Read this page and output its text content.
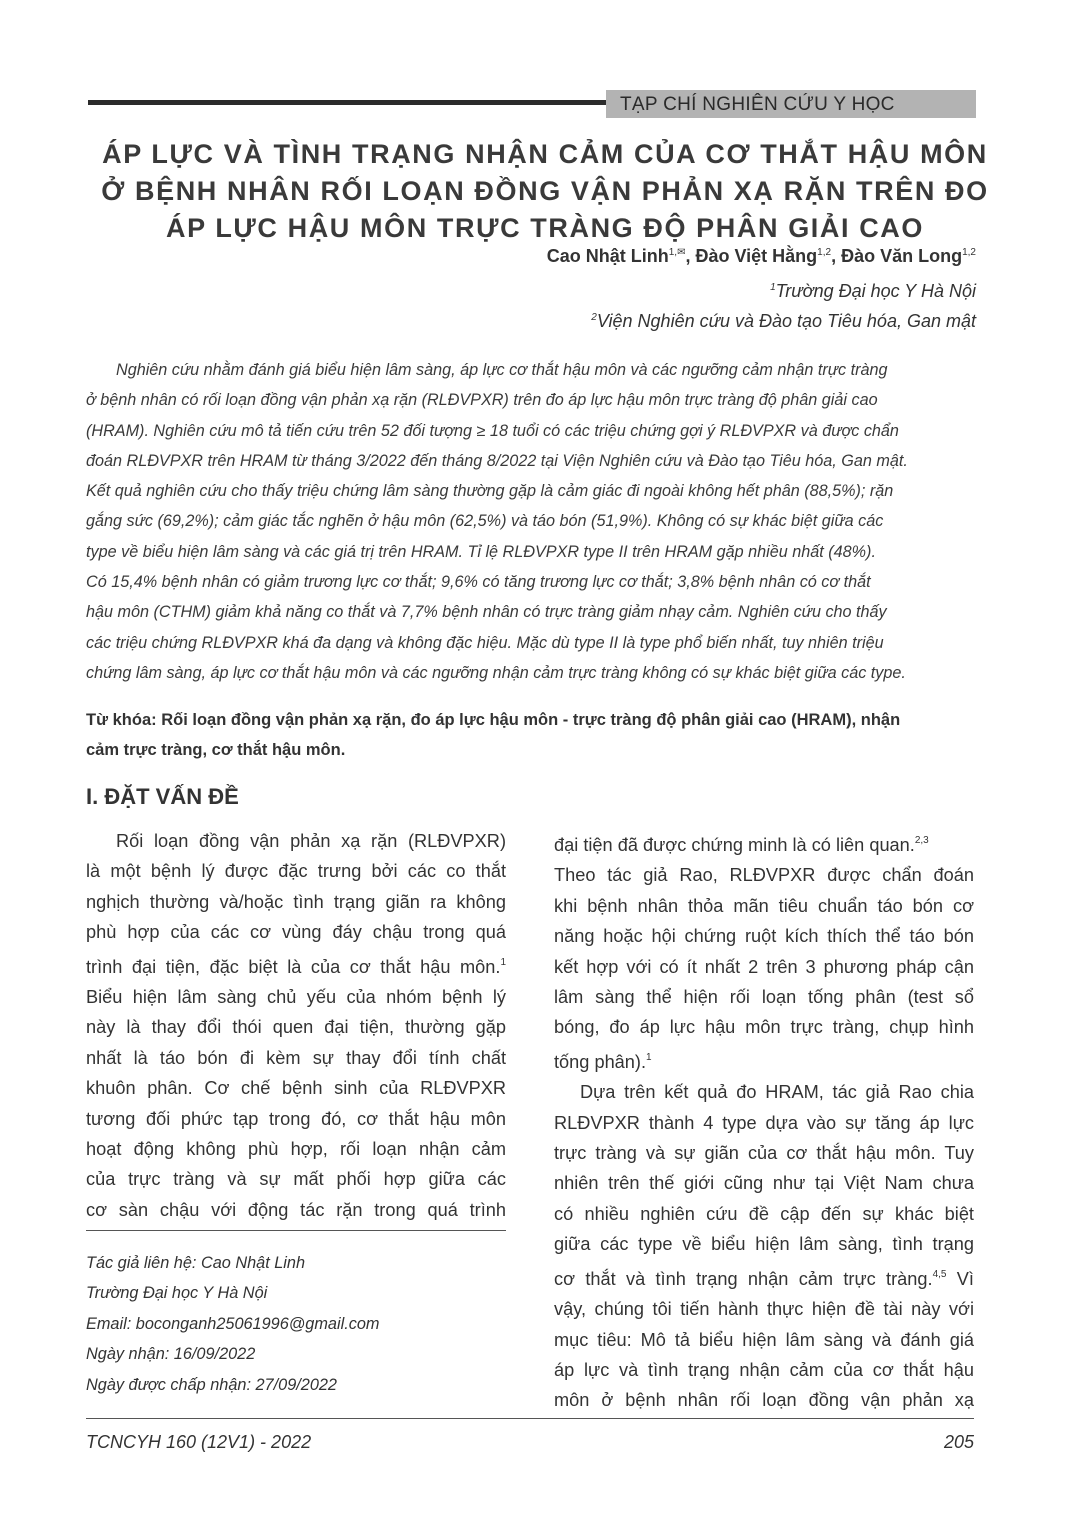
TẠP CHÍ NGHIÊN CỨU Y HỌC
ÁP LỰC VÀ TÌNH TRẠNG NHẬN CẢM CỦA CƠ THẮT HẬU MÔN
Ở BỆNH NHÂN RỐI LOẠN ĐỒNG VẬN PHẢN XẠ RẶN TRÊN ĐO
ÁP LỰC HẬU MÔN TRỰC TRÀNG ĐỘ PHÂN GIẢI CAO
Cao Nhật Linh$^{1,✉}$, Đào Việt Hằng$^{1,2}$, Đào Văn Long$^{1,2}$
$^1$Trường Đại học Y Hà Nội
$^2$Viện Nghiên cứu và Đào tạo Tiêu hóa, Gan mật
Nghiên cứu nhằm đánh giá biểu hiện lâm sàng, áp lực cơ thắt hậu môn và các ngưỡng cảm nhận trực tràng
ở bệnh nhân có rối loạn đồng vận phản xạ rặn (RLĐVPXR) trên đo áp lực hậu môn trực tràng độ phân giải cao
(HRAM). Nghiên cứu mô tả tiến cứu trên 52 đối tượng ≥ 18 tuổi có các triệu chứng gợi ý RLĐVPXR và được chẩn
đoán RLĐVPXR trên HRAM từ tháng 3/2022 đến tháng 8/2022 tại Viện Nghiên cứu và Đào tạo Tiêu hóa, Gan mật.
Kết quả nghiên cứu cho thấy triệu chứng lâm sàng thường gặp là cảm giác đi ngoài không hết phân (88,5%); rặn
gắng sức (69,2%); cảm giác tắc nghẽn ở hậu môn (62,5%) và táo bón (51,9%). Không có sự khác biệt giữa các
type về biểu hiện lâm sàng và các giá trị trên HRAM. Tỉ lệ RLĐVPXR type II trên HRAM gặp nhiều nhất (48%).
Có 15,4% bệnh nhân có giảm trương lực cơ thắt; 9,6% có tăng trương lực cơ thắt; 3,8% bệnh nhân có cơ thắt
hậu môn (CTHM) giảm khả năng co thắt và 7,7% bệnh nhân có trực tràng giảm nhạy cảm. Nghiên cứu cho thấy
các triệu chứng RLĐVPXR khá đa dạng và không đặc hiệu. Mặc dù type II là type phổ biến nhất, tuy nhiên triệu
chứng lâm sàng, áp lực cơ thắt hậu môn và các ngưỡng nhận cảm trực tràng không có sự khác biệt giữa các type.
Từ khóa: Rối loạn đồng vận phản xạ rặn, đo áp lực hậu môn - trực tràng độ phân giải cao (HRAM), nhận
cảm trực tràng, cơ thắt hậu môn.
I. ĐẶT VẤN ĐỀ
Rối loạn đồng vận phản xạ rặn (RLĐVPXR)
là một bệnh lý được đặc trưng bởi các co thắt
nghịch thường và/hoặc tình trạng giãn ra không
phù hợp của các cơ vùng đáy chậu trong quá
trình đại tiện, đặc biệt là của cơ thắt hậu môn.$^1$
Biểu hiện lâm sàng chủ yếu của nhóm bệnh lý
này là thay đổi thói quen đại tiện, thường gặp
nhất là táo bón đi kèm sự thay đổi tính chất
khuôn phân. Cơ chế bệnh sinh của RLĐVPXR
tương đối phức tạp trong đó, cơ thắt hậu môn
hoạt động không phù hợp, rối loạn nhận cảm
của trực tràng và sự mất phối hợp giữa các
cơ sàn chậu với động tác rặn trong quá trình
Tác giả liên hệ: Cao Nhật Linh
Trường Đại học Y Hà Nội
Email: boconganh25061996@gmail.com
Ngày nhận: 16/09/2022
Ngày được chấp nhận: 27/09/2022
đại tiện đã được chứng minh là có liên quan.$^{2,3}$
Theo tác giả Rao, RLĐVPXR được chẩn đoán
khi bệnh nhân thỏa mãn tiêu chuẩn táo bón cơ
năng hoặc hội chứng ruột kích thích thể táo bón
kết hợp với có ít nhất 2 trên 3 phương pháp cận
lâm sàng thể hiện rối loạn tống phân (test sổ
bóng, đo áp lực hậu môn trực tràng, chụp hình
tống phân).$^1$
Dựa trên kết quả đo HRAM, tác giả Rao chia
RLĐVPXR thành 4 type dựa vào sự tăng áp lực
trực tràng và sự giãn của cơ thắt hậu môn. Tuy
nhiên trên thế giới cũng như tại Việt Nam chưa
có nhiều nghiên cứu đề cập đến sự khác biệt
giữa các type về biểu hiện lâm sàng, tình trạng
cơ thắt và tình trạng nhận cảm trực tràng.$^{4,5}$ Vì
vậy, chúng tôi tiến hành thực hiện đề tài này với
mục tiêu: Mô tả biểu hiện lâm sàng và đánh giá
áp lực và tình trạng nhận cảm của cơ thắt hậu
môn ở bệnh nhân rối loạn đồng vận phản xạ
TCNCYH 160 (12V1) - 2022	205
